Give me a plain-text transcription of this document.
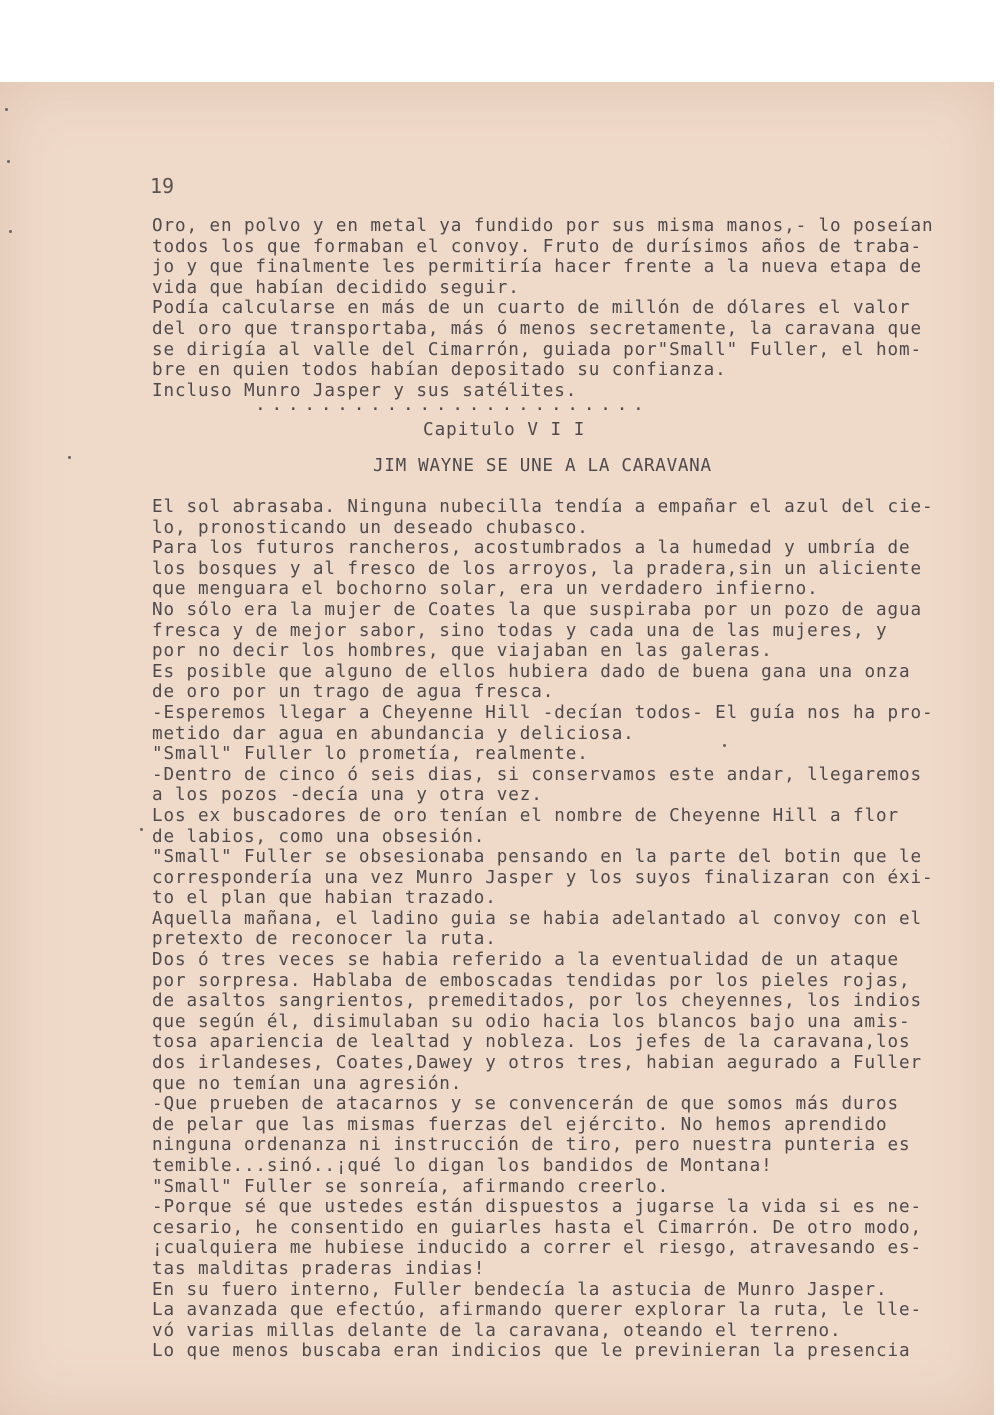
19
Oro, en polvo y en metal ya fundido por sus misma manos,- lo poseían
todos los que formaban el convoy. Fruto de durísimos años de traba-
jo y que finalmente les permitiría hacer frente a la nueva etapa de
vida que habían decidido seguir.
Podía calcularse en más de un cuarto de millón de dólares el valor
del oro que transportaba, más ó menos secretamente, la caravana que
se dirigía al valle del Cimarrón, guiada por"Small" Fuller, el hom-
bre en quien todos habían depositado su confianza.
Incluso Munro Jasper y sus satélites.
........................
Capitulo V I I
JIM WAYNE SE UNE A LA CARAVANA
El sol abrasaba. Ninguna nubecilla tendía a empañar el azul del cie-
lo, pronosticando un deseado chubasco.
Para los futuros rancheros, acostumbrados a la humedad y umbría de
los bosques y al fresco de los arroyos, la pradera,sin un aliciente
que menguara el bochorno solar, era un verdadero infierno.
No sólo era la mujer de Coates la que suspiraba por un pozo de agua
fresca y de mejor sabor, sino todas y cada una de las mujeres, y
por no decir los hombres, que viajaban en las galeras.
Es posible que alguno de ellos hubiera dado de buena gana una onza
de oro por un trago de agua fresca.
-Esperemos llegar a Cheyenne Hill -decían todos- El guía nos ha pro-
metido dar agua en abundancia y deliciosa.
"Small" Fuller lo prometía, realmente.
-Dentro de cinco ó seis dias, si conservamos este andar, llegaremos
a los pozos -decía una y otra vez.
Los ex buscadores de oro tenían el nombre de Cheyenne Hill a flor
de labios, como una obsesión.
"Small" Fuller se obsesionaba pensando en la parte del botin que le
correspondería una vez Munro Jasper y los suyos finalizaran con éxi-
to el plan que habian trazado.
Aquella mañana, el ladino guia se habia adelantado al convoy con el
pretexto de reconocer la ruta.
Dos ó tres veces se habia referido a la eventualidad de un ataque
por sorpresa. Hablaba de emboscadas tendidas por los pieles rojas,
de asaltos sangrientos, premeditados, por los cheyennes, los indios
que según él, disimulaban su odio hacia los blancos bajo una amis-
tosa apariencia de lealtad y nobleza. Los jefes de la caravana,los
dos irlandeses, Coates,Dawey y otros tres, habian aegurado a Fuller
que no temían una agresión.
-Que prueben de atacarnos y se convencerán de que somos más duros
de pelar que las mismas fuerzas del ejército. No hemos aprendido
ninguna ordenanza ni instrucción de tiro, pero nuestra punteria es
temible...sinó..¡qué lo digan los bandidos de Montana!
"Small" Fuller se sonreía, afirmando creerlo.
-Porque sé que ustedes están dispuestos a jugarse la vida si es ne-
cesario, he consentido en guiarles hasta el Cimarrón. De otro modo,
¡cualquiera me hubiese inducido a correr el riesgo, atravesando es-
tas malditas praderas indias!
En su fuero interno, Fuller bendecía la astucia de Munro Jasper.
La avanzada que efectúo, afirmando querer explorar la ruta, le lle-
vó varias millas delante de la caravana, oteando el terreno.
Lo que menos buscaba eran indicios que le previnieran la presencia
